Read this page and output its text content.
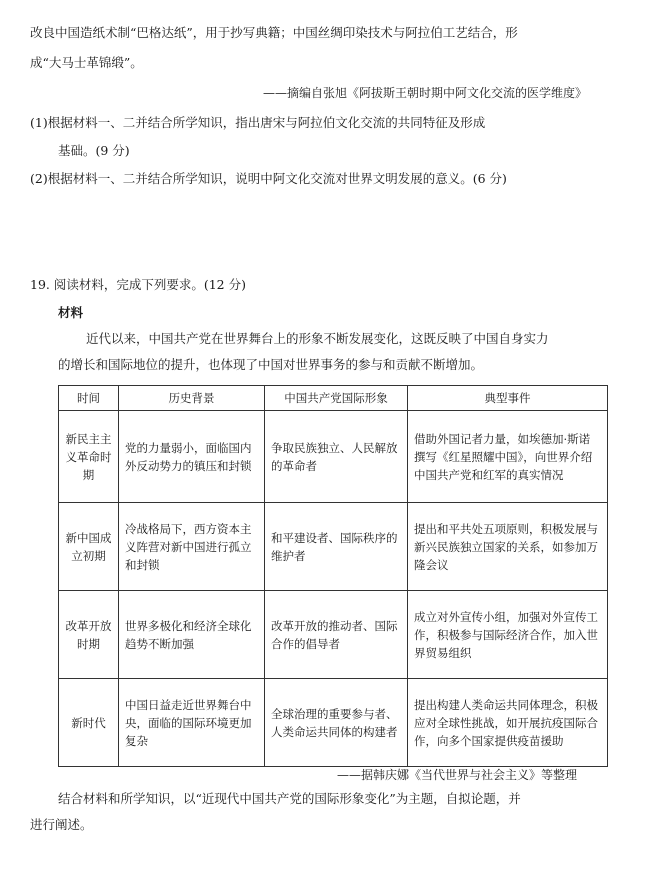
改良中国造纸术制“巴格达纸”，用于抄写典籍；中国丝绸印染技术与阿拉伯工艺结合，形
成“大马士革锦缎”。
——摘编自张旭《阿拔斯王朝时期中阿文化交流的医学维度》
(1)根据材料一、二并结合所学知识，指出唐宋与阿拉伯文化交流的共同特征及形成
基础。(9 分)
(2)根据材料一、二并结合所学知识，说明中阿文化交流对世界文明发展的意义。(6 分)
19. 阅读材料，完成下列要求。(12 分)
材料
近代以来，中国共产党在世界舞台上的形象不断发展变化，这既反映了中国自身实力
的增长和国际地位的提升，也体现了中国对世界事务的参与和贡献不断增加。
时间	历史背景	中国共产党国际形象	典型事件
新民主主义革命时期	党的力量弱小，面临国内外反动势力的镇压和封锁	争取民族独立、人民解放的革命者	借助外国记者力量，如埃德加·斯诺撰写《红星照耀中国》，向世界介绍中国共产党和红军的真实情况
新中国成立初期	冷战格局下，西方资本主义阵营对新中国进行孤立和封锁	和平建设者、国际秩序的维护者	提出和平共处五项原则，积极发展与新兴民族独立国家的关系，如参加万隆会议
改革开放时期	世界多极化和经济全球化趋势不断加强	改革开放的推动者、国际合作的倡导者	成立对外宣传小组，加强对外宣传工作，积极参与国际经济合作，加入世界贸易组织
新时代	中国日益走近世界舞台中央，面临的国际环境更加复杂	全球治理的重要参与者、人类命运共同体的构建者	提出构建人类命运共同体理念，积极应对全球性挑战，如开展抗疫国际合作，向多个国家提供疫苗援助
——据韩庆娜《当代世界与社会主义》等整理
结合材料和所学知识，以“近现代中国共产党的国际形象变化”为主题，自拟论题，并
进行阐述。
